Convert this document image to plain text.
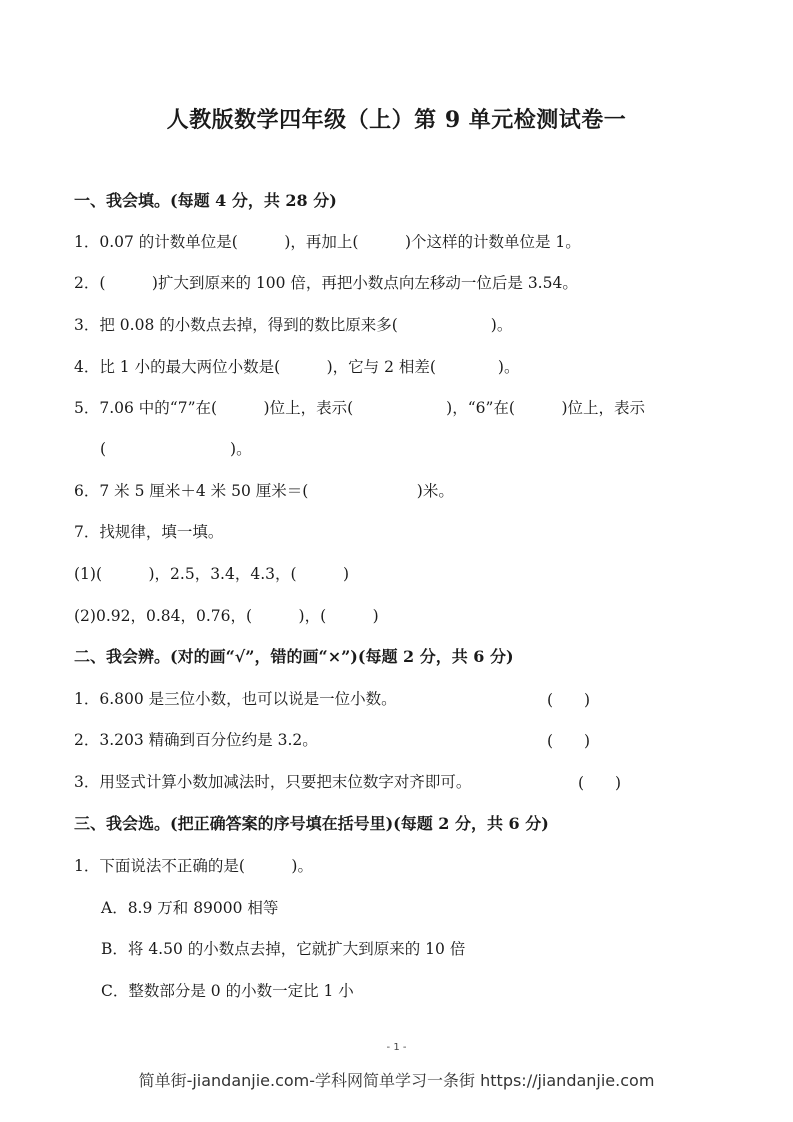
人教版数学四年级（上）第 9 单元检测试卷一
一、我会填。(每题 4 分，共 28 分)
1．0.07 的计数单位是(　　　)，再加上(　　　)个这样的计数单位是 1。
2．(　　　)扩大到原来的 100 倍，再把小数点向左移动一位后是 3.54。
3．把 0.08 的小数点去掉，得到的数比原来多(　　　　　　)。
4．比 1 小的最大两位小数是(　　　)，它与 2 相差(　　　　)。
5．7.06 中的“7”在(　　　)位上，表示(　　　　　　)，“6”在(　　　)位上，表示
(　　　　　　　　)。
6．7 米 5 厘米＋4 米 50 厘米＝(　　　　　　　)米。
7．找规律，填一填。
(1)(　　　)，2.5，3.4，4.3，(　　　)
(2)0.92，0.84，0.76，(　　　)，(　　　)
二、我会辨。(对的画“√”，错的画“×”)(每题 2 分，共 6 分)
1．6.800 是三位小数，也可以说是一位小数。	(　　)
2．3.203 精确到百分位约是 3.2。	(　　)
3．用竖式计算小数加减法时，只要把末位数字对齐即可。	(　　)
三、我会选。(把正确答案的序号填在括号里)(每题 2 分，共 6 分)
1．下面说法不正确的是(　　　)。
A．8.9 万和 89000 相等
B．将 4.50 的小数点去掉，它就扩大到原来的 10 倍
C．整数部分是 0 的小数一定比 1 小
- 1 -
简单街-jiandanjie.com-学科网简单学习一条街 https://jiandanjie.com
